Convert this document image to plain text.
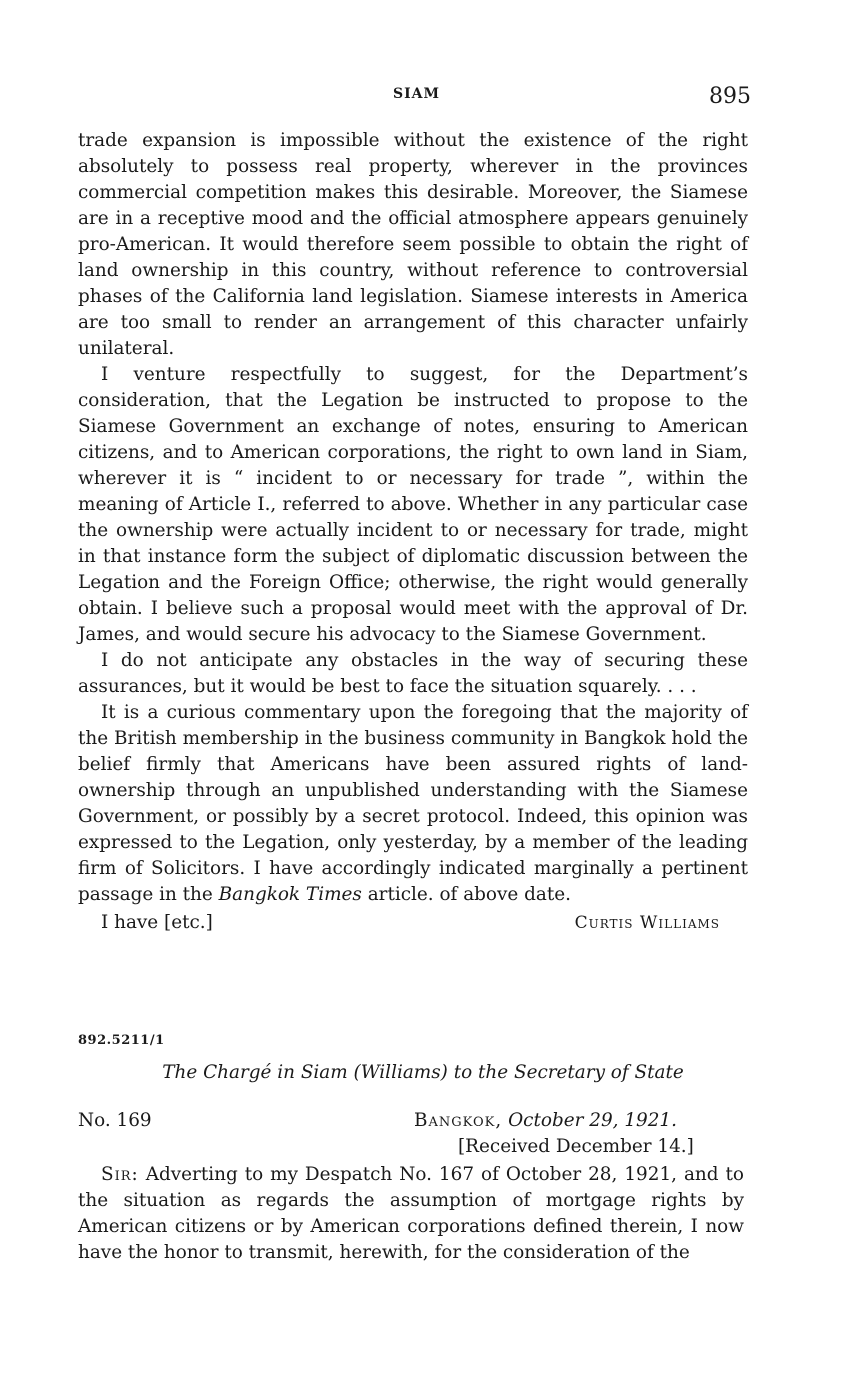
SIAM	895

trade expansion is impossible without the existence of the right absolutely to possess real property, wherever in the provinces commercial competition makes this desirable. Moreover, the Siamese are in a receptive mood and the official atmosphere appears genuinely pro-American. It would therefore seem possible to obtain the right of land ownership in this country, without reference to controversial phases of the California land legislation. Siamese interests in America are too small to render an arrangement of this character unfairly unilateral.

I venture respectfully to suggest, for the Department’s consideration, that the Legation be instructed to propose to the Siamese Government an exchange of notes, ensuring to American citizens, and to American corporations, the right to own land in Siam, wherever it is “ incident to or necessary for trade ”, within the meaning of Article I., referred to above. Whether in any particular case the ownership were actually incident to or necessary for trade, might in that instance form the subject of diplomatic discussion between the Legation and the Foreign Office; otherwise, the right would generally obtain. I believe such a proposal would meet with the approval of Dr. James, and would secure his advocacy to the Siamese Government.

I do not anticipate any obstacles in the way of securing these assurances, but it would be best to face the situation squarely. . . .

It is a curious commentary upon the foregoing that the majority of the British membership in the business community in Bangkok hold the belief firmly that Americans have been assured rights of land-ownership through an unpublished understanding with the Siamese Government, or possibly by a secret protocol. Indeed, this opinion was expressed to the Legation, only yesterday, by a member of the leading firm of Solicitors. I have accordingly indicated marginally a pertinent passage in the Bangkok Times article. of above date.

I have [etc.]	Curtis Williams
892.5211/1
The Chargé in Siam (Williams) to the Secretary of State
No. 169	Bangkok, October 29, 1921.
[Received December 14.]

Sir: Adverting to my Despatch No. 167 of October 28, 1921, and to the situation as regards the assumption of mortgage rights by American citizens or by American corporations defined therein, I now have the honor to transmit, herewith, for the consideration of the
